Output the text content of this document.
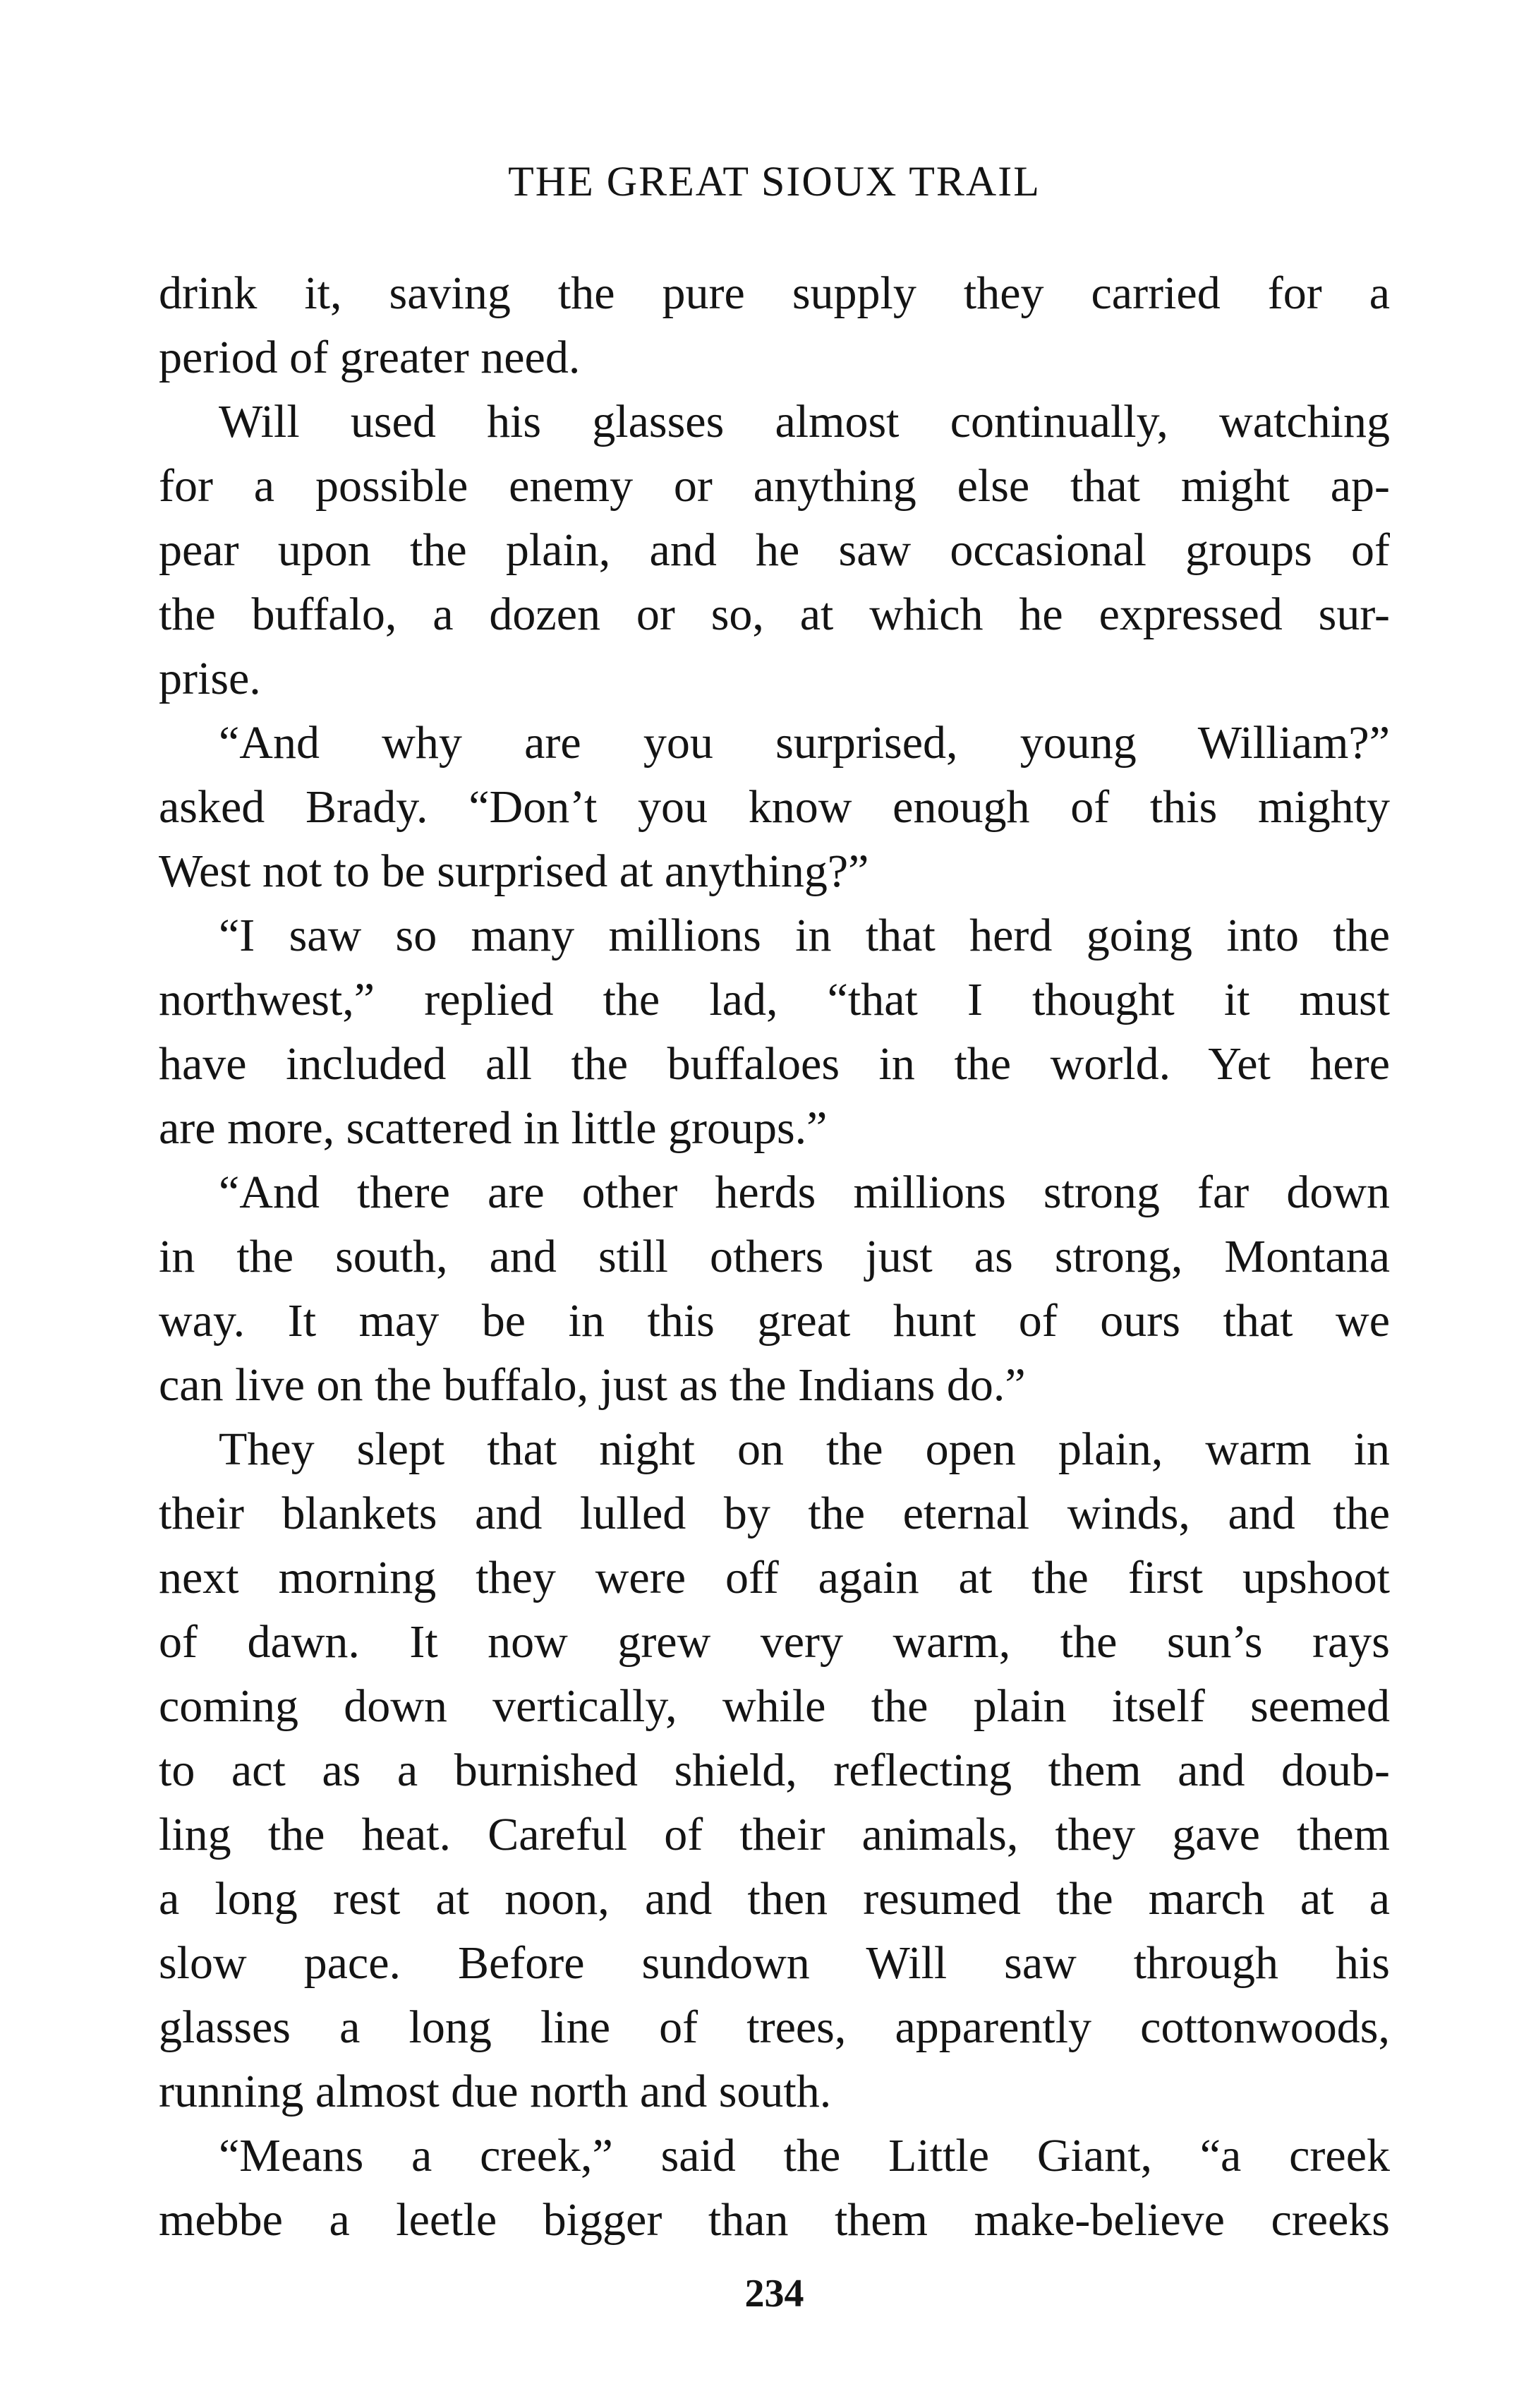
THE GREAT SIOUX TRAIL
drink it, saving the pure supply they carried for a
period of greater need.
Will used his glasses almost continually, watching
for a possible enemy or anything else that might ap-
pear upon the plain, and he saw occasional groups of
the buffalo, a dozen or so, at which he expressed sur-
prise.
“And why are you surprised, young William?”
asked Brady. “Don’t you know enough of this mighty
West not to be surprised at anything?”
“I saw so many millions in that herd going into the
northwest,” replied the lad, “that I thought it must
have included all the buffaloes in the world. Yet here
are more, scattered in little groups.”
“And there are other herds millions strong far down
in the south, and still others just as strong, Montana
way. It may be in this great hunt of ours that we
can live on the buffalo, just as the Indians do.”
They slept that night on the open plain, warm in
their blankets and lulled by the eternal winds, and the
next morning they were off again at the first upshoot
of dawn. It now grew very warm, the sun’s rays
coming down vertically, while the plain itself seemed
to act as a burnished shield, reflecting them and doub-
ling the heat. Careful of their animals, they gave them
a long rest at noon, and then resumed the march at a
slow pace. Before sundown Will saw through his
glasses a long line of trees, apparently cottonwoods,
running almost due north and south.
“Means a creek,” said the Little Giant, “a creek
mebbe a leetle bigger than them make-believe creeks
234
